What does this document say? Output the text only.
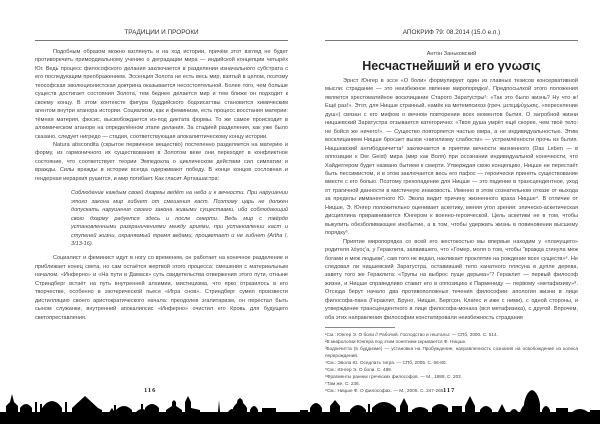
ТРАДИЦИИ И ПРОРОКИ

Подобным образом можно взглянуть и на ход истории, причём этот взгляд не будет противоречить примордиальному учению о деградации мира — индийской концепции четырёх Юг. Ведь процесс философского делания заключается в разделении изначального субстрата с его последующим преображением. Эссенция Золота не есть весь мир, взятый в целом, поэтому теософская эволюционистская доктрина оказывается несостоятельной. Более того, чем больше существ достигает состояния Золота, тем беднее делается мир и тем ближе он подходит к своему концу. В этом контексте фигура буддийского бодхисаттвы становится химическим агентом внутри атанора истории. Социализм, как и феминизм, есть процесс восстания материи: тёмная материя, фюсис, высвобождается из-под диктата формы. То же самое происходит в алхимическом атаноре на определённом этапе делания. За стадией разделения, как уже было сказано, следует нигредо — стадия, соответствующая апокалиптическому концу истории.

Natura abscondita (скрытое первичное вещество) постепенно разделяется на материю и форму, из гармоничного их существования в Золотом веке они переходят в конфликтное состояние, что соответствует теории Эмпедокла о циклическом действии сил симпатии и вражды. Силы вражды в истории всегда одерживают победу. В конце концов сословная и гендерная иерархия рушится, и мир погибает. Как гласит Артхашастра:

Соблюдение каждым своей дхармы ведёт на небо и к вечности. При нарушении этого закона мир гибнет от смешения каст. Поэтому царь не должен допускать нарушения своего закона живыми существами, ибо соблюдающий свою дхарму радуется здесь и после смерти. Ведь мир с твёрдо установленными разграничениями между ариями, при установлении каст и ступеней жизни, охраняемый тремя ведами, процветает и не гибнет (Artha I, 3/13-16).

Социалист и феминист идут в ногу со временем, он работает на конечное разделение и приближает конец света, но сам остаётся жертвой этого процесса: смешения с материальным началом. «Инферно» и «На пути в Дамаск» суть свидетельства отвержения этого пути, отныне Стриндберг встаёт на путь внутренней алхимии, мистицизма, что ярко отразилось в его творчестве, особенно в эзотерической пьесе «Игра снов». Стриндберг сумел произвести дистилляцию своего аристократического начала: преодолев эгалитаризм, он перестал быть сыном служанки, внутренний апокалипсис «Инферно» очистил его Кровь для будущего светопреставления.

116
АПОКРИФ 79: 08.2014 (15.0 е.п.)
Антон Заньковский
Несчастнейший и его γνωσις

Эрнст Юнгер в эссе «О боли» формулирует один из главных тезисов консервативной мысли: страдание — это неизбежное явление миропорядка¹. Предпосылкой этого положения является хрестоматийное восклицание Старого Заратустры²: «Так это было жизнь? Ну что ж! Ещё раз!». Этот, для Ницше странный, намёк на метемпсихоз (греч. μετεμψύχωσις, «переселение душ») связан с его мифом о вечном повторении всех моментов бытия. О загробной жизни ницшевский Заратустра отзывается категорично: «Твоя душа умрёт ещё скорее, чем твоё тело: не бойся же ничего!». — Существо повторяется частью мира, а не индивидуальностью. Этим восклицанием Ницше бросает вызов «нигилизму слабости» — устремлённости прочь из бытия. Ницшевский антибодхичитта³ заключается в приятии вечности жизненного (Das Leben — в оппозиции к Der Geist) мира (мир как Воля) при осознании индивидуальной конечности, что Хайдеггером будет названо бытием к смерти. Утверждая свою концепцию, Ницше не перестаёт быть пессимистом, и в этом заключается весь его пафос — героически принять существование вместе с его болью. Поэтому грехопадение для Ницше — это падение в трансцендентное, уход от трагичной данности в мистичную инаковость. Именно в этом сознательном отказе от выхода за пределы имманентного Ю. Эвола видит причину жизненного краха Ницше⁴. В отличие от Ницше, Э. Юнгер положительно оценивает аскетику, меняя угол зрения: эпическо-аскетическая дисциплина приравнивается Юнгером к военно-героической. Цель аскетики не в том, чтобы выкупить обезболивающее инобытие, а в том, чтобы удержать жизнь в повиновении высшему порядку⁵.

Приятие миропорядка со всей его жестокостью мы впервые находим у «плачущего» родителя λόγος'а, у Гераклита, заявившего, что «Гомер, моля о том, чтобы "вражда сгинула меж богами и меж людьми", сам того не ведал, накликает проклятие на рождение всех существ»⁶. Не следовал ли ницшевский Заратустра, оставивший тело канатного плясуна в дупле дерева, завету того же Гераклита: «Трупы на выброс пуще дерьма»⁷? Гераклит — первый философ жизни, и Ницше справедливо ставит его в оппозицию к Пармениду — первому «метафизику»⁸. Отсюда берут начало два противоположных течения философии: апология жизни в лице философа-пана (Гераклит, Бруно, Ницше, Бергсон, Клагес и иже с ними), с одной стороны, и утверждение трансцендентного в лице философа-монаха (вся метафизика), с другой. Впрочем, оба этих направления философии констатировали неизбежность страдания

¹См.: Юнгер Э. О боли // Рабочий. Господство и гештальт. — СПб, 2000. С. 514.

²В мифологии Юнгера под этим понятием скрывается Ф. Ницше.

³Бодхичитта (в буддизме) — установка на Пробуждение, направленность сознания на освобождение из колеса перерождений.

⁴См.: Эвола Ю. Оседлать тигра. — СПб, 2005. С. 66-80.

⁵См.: Юнгер Э. О боли. С. 489.

⁶Фрагменты ранних греческих философов. — М., 1989. С. 202.

⁷Там же. С. 236.

⁸См.: Ницше Ф. О философах. — М., 2006. С. 247-265.

117
